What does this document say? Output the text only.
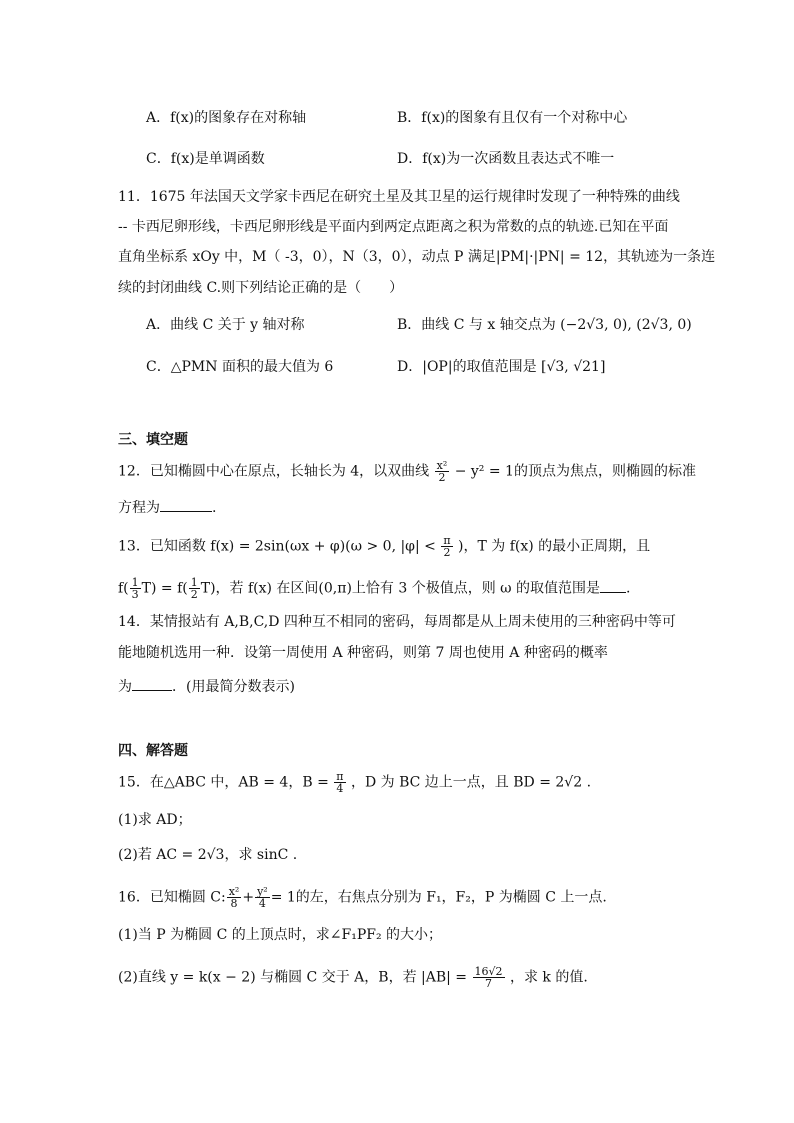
A．f(x)的图象存在对称轴	B．f(x)的图象有且仅有一个对称中心
C．f(x)是单调函数	D．f(x)为一次函数且表达式不唯一
11．1675 年法国天文学家卡西尼在研究土星及其卫星的运行规律时发现了一种特殊的曲线
-- 卡西尼卵形线，卡西尼卵形线是平面内到两定点距离之积为常数的点的轨迹.已知在平面
直角坐标系 xOy 中，M（ -3，0），N（3，0），动点 P 满足|PM|·|PN| = 12，其轨迹为一条连
续的封闭曲线 C.则下列结论正确的是（　　）
A．曲线 C 关于 y 轴对称	B．曲线 C 与 x 轴交点为 (−2√3, 0), (2√3, 0)
C．△PMN 面积的最大值为 6	D．|OP|的取值范围是 [√3, √21]
三、填空题
12．已知椭圆中心在原点，长轴长为 4，以双曲线 $\frac{\text{x²}}{2} - y^2 = 1$的顶点为焦点，则椭圆的标准
方程为	.
13．已知函数 f(x) = 2sin(ωx + φ)(ω > 0, $|\varphi| < \frac{\pi}{2}$ )，T 为 f(x) 的最小正周期，且
$f( \frac{1}{3} T) = f( \frac{1}{2} T)$，若 f(x) 在区间(0,π)上恰有 3 个极值点，则 ω 的取值范围是 .
14．某情报站有 A,B,C,D 四种互不相同的密码，每周都是从上周未使用的三种密码中等可
能地随机选用一种．设第一周使用 A 种密码，则第 7 周也使用 A 种密码的概率
为	．(用最简分数表示)
四、解答题
15．在△ABC 中，AB = 4，$B = \frac{\pi}{4}$ ，D 为 BC 边上一点，且 BD = 2√2 .
(1)求 AD；
(2)若 AC = 2√3，求 sinC .
16．已知椭圆 C: $\frac{\text{x²}}{8} + \frac{\text{y²}}{4} = 1$的左，右焦点分别为 F₁，F₂，P 为椭圆 C 上一点.
(1)当 P 为椭圆 C 的上顶点时，求∠F₁PF₂ 的大小；
(2)直线 y = k(x − 2) 与椭圆 C 交于 A，B，若 $|AB| = \frac{16√2}{7}$ ，求 k 的值.
